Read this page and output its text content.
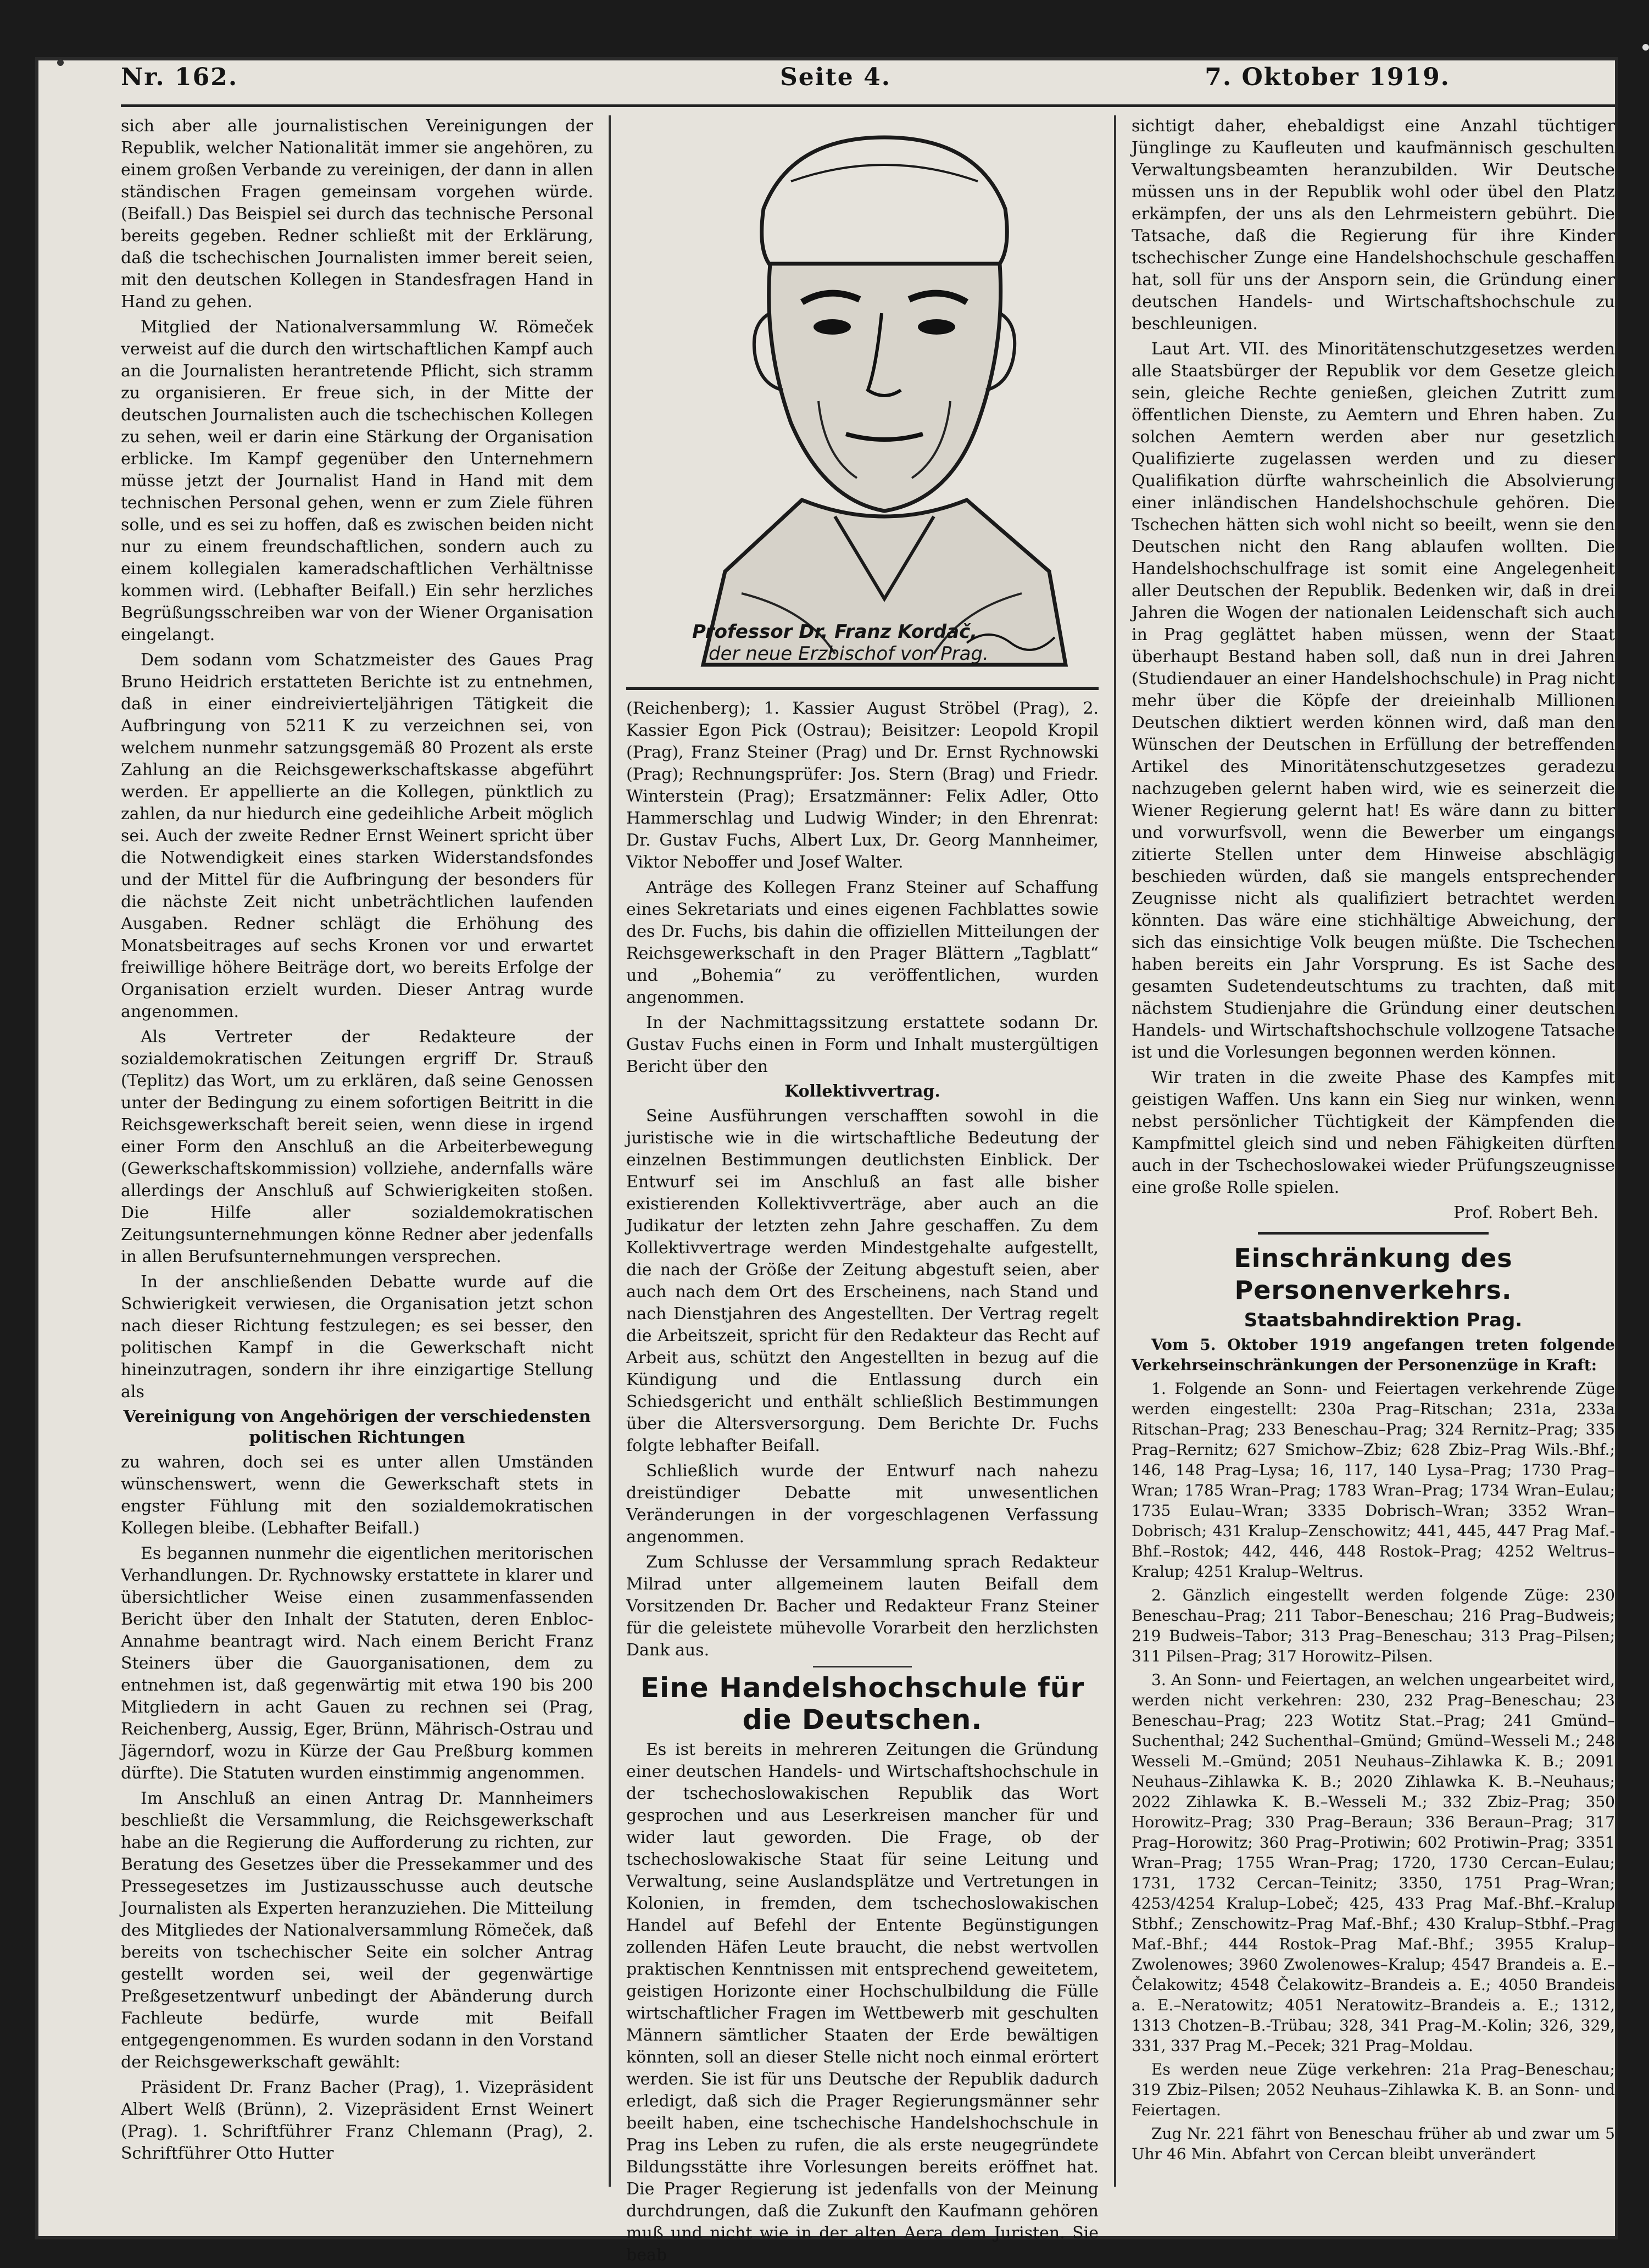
Nr. 162.	Seite 4.	7. Oktober 1919.

sich aber alle journalistischen Vereinigungen der Republik, welcher Nationalität immer sie angehören, zu einem großen Verbande zu vereinigen, der dann in allen ständischen Fragen gemeinsam vorgehen würde. (Beifall.) Das Beispiel sei durch das technische Personal bereits gegeben. Redner schließt mit der Erklärung, daß die tschechischen Journalisten immer bereit seien, mit den deutschen Kollegen in Standesfragen Hand in Hand zu gehen.

Mitglied der Nationalversammlung W. Römeček verweist auf die durch den wirtschaftlichen Kampf auch an die Journalisten herantretende Pflicht, sich stramm zu organisieren. Er freue sich, in der Mitte der deutschen Journalisten auch die tschechischen Kollegen zu sehen, weil er darin eine Stärkung der Organisation erblicke. Im Kampf gegenüber den Unternehmern müsse jetzt der Journalist Hand in Hand mit dem technischen Personal gehen, wenn er zum Ziele führen solle, und es sei zu hoffen, daß es zwischen beiden nicht nur zu einem freundschaftlichen, sondern auch zu einem kollegialen kameradschaftlichen Verhältnisse kommen wird. (Lebhafter Beifall.) Ein sehr herzliches Begrüßungsschreiben war von der Wiener Organisation eingelangt.

Dem sodann vom Schatzmeister des Gaues Prag Bruno Heidrich erstatteten Berichte ist zu entnehmen, daß in einer eindreivierteljährigen Tätigkeit die Aufbringung von 5211 K zu verzeichnen sei, von welchem nunmehr satzungsgemäß 80 Prozent als erste Zahlung an die Reichsgewerkschaftskasse abgeführt werden. Er appellierte an die Kollegen, pünktlich zu zahlen, da nur hiedurch eine gedeihliche Arbeit möglich sei. Auch der zweite Redner Ernst Weinert spricht über die Notwendigkeit eines starken Widerstandsfondes und der Mittel für die Aufbringung der besonders für die nächste Zeit nicht unbeträchtlichen laufenden Ausgaben. Redner schlägt die Erhöhung des Monatsbeitrages auf sechs Kronen vor und erwartet freiwillige höhere Beiträge dort, wo bereits Erfolge der Organisation erzielt wurden. Dieser Antrag wurde angenommen.

Als Vertreter der Redakteure der sozialdemokratischen Zeitungen ergriff Dr. Strauß (Teplitz) das Wort, um zu erklären, daß seine Genossen unter der Bedingung zu einem sofortigen Beitritt in die Reichsgewerkschaft bereit seien, wenn diese in irgend einer Form den Anschluß an die Arbeiterbewegung (Gewerkschaftskommission) vollziehe, andernfalls wäre allerdings der Anschluß auf Schwierigkeiten stoßen. Die Hilfe aller sozialdemokratischen Zeitungsunternehmungen könne Redner aber jedenfalls in allen Berufsunternehmungen versprechen.

In der anschließenden Debatte wurde auf die Schwierigkeit verwiesen, die Organisation jetzt schon nach dieser Richtung festzulegen; es sei besser, den politischen Kampf in die Gewerkschaft nicht hineinzutragen, sondern ihr ihre einzigartige Stellung als

Vereinigung von Angehörigen der verschiedensten politischen Richtungen

zu wahren, doch sei es unter allen Umständen wünschenswert, wenn die Gewerkschaft stets in engster Fühlung mit den sozialdemokratischen Kollegen bleibe. (Lebhafter Beifall.)

Es begannen nunmehr die eigentlichen meritorischen Verhandlungen. Dr. Rychnowsky erstattete in klarer und übersichtlicher Weise einen zusammenfassenden Bericht über den Inhalt der Statuten, deren Enbloc-Annahme beantragt wird. Nach einem Bericht Franz Steiners über die Gauorganisationen, dem zu entnehmen ist, daß gegenwärtig mit etwa 190 bis 200 Mitgliedern in acht Gauen zu rechnen sei (Prag, Reichenberg, Aussig, Eger, Brünn, Mährisch-Ostrau und Jägerndorf, wozu in Kürze der Gau Preßburg kommen dürfte). Die Statuten wurden einstimmig angenommen.

Im Anschluß an einen Antrag Dr. Mannheimers beschließt die Versammlung, die Reichsgewerkschaft habe an die Regierung die Aufforderung zu richten, zur Beratung des Gesetzes über die Pressekammer und des Pressegesetzes im Justizausschusse auch deutsche Journalisten als Experten heranzuziehen. Die Mitteilung des Mitgliedes der Nationalversammlung Römeček, daß bereits von tschechischer Seite ein solcher Antrag gestellt worden sei, weil der gegenwärtige Preßgesetzentwurf unbedingt der Abänderung durch Fachleute bedürfe, wurde mit Beifall entgegengenommen. Es wurden sodann in den Vorstand der Reichsgewerkschaft gewählt:

Präsident Dr. Franz Bacher (Prag), 1. Vizepräsident Albert Welß (Brünn), 2. Vizepräsident Ernst Weinert (Prag). 1. Schriftführer Franz Chlemann (Prag), 2. Schriftführer Otto Hutter

Professor Dr. Franz Kordač,
der neue Erzbischof von Prag.

(Reichenberg); 1. Kassier August Ströbel (Prag), 2. Kassier Egon Pick (Ostrau); Beisitzer: Leopold Kropil (Prag), Franz Steiner (Prag) und Dr. Ernst Rychnowski (Prag); Rechnungsprüfer: Jos. Stern (Brag) und Friedr. Winterstein (Prag); Ersatzmänner: Felix Adler, Otto Hammerschlag und Ludwig Winder; in den Ehrenrat: Dr. Gustav Fuchs, Albert Lux, Dr. Georg Mannheimer, Viktor Neboffer und Josef Walter.

Anträge des Kollegen Franz Steiner auf Schaffung eines Sekretariats und eines eigenen Fachblattes sowie des Dr. Fuchs, bis dahin die offiziellen Mitteilungen der Reichsgewerkschaft in den Prager Blättern „Tagblatt“ und „Bohemia“ zu veröffentlichen, wurden angenommen.

In der Nachmittagssitzung erstattete sodann Dr. Gustav Fuchs einen in Form und Inhalt mustergültigen Bericht über den

Kollektivvertrag.

Seine Ausführungen verschafften sowohl in die juristische wie in die wirtschaftliche Bedeutung der einzelnen Bestimmungen deutlichsten Einblick. Der Entwurf sei im Anschluß an fast alle bisher existierenden Kollektivverträge, aber auch an die Judikatur der letzten zehn Jahre geschaffen. Zu dem Kollektivvertrage werden Mindestgehalte aufgestellt, die nach der Größe der Zeitung abgestuft seien, aber auch nach dem Ort des Erscheinens, nach Stand und nach Dienstjahren des Angestellten. Der Vertrag regelt die Arbeitszeit, spricht für den Redakteur das Recht auf Arbeit aus, schützt den Angestellten in bezug auf die Kündigung und die Entlassung durch ein Schiedsgericht und enthält schließlich Bestimmungen über die Altersversorgung. Dem Berichte Dr. Fuchs folgte lebhafter Beifall.

Schließlich wurde der Entwurf nach nahezu dreistündiger Debatte mit unwesentlichen Veränderungen in der vorgeschlagenen Verfassung angenommen.

Zum Schlusse der Versammlung sprach Redakteur Milrad unter allgemeinem lauten Beifall dem Vorsitzenden Dr. Bacher und Redakteur Franz Steiner für die geleistete mühevolle Vorarbeit den herzlichsten Dank aus.

Eine Handelshochschule für die Deutschen.

Es ist bereits in mehreren Zeitungen die Gründung einer deutschen Handels- und Wirtschaftshochschule in der tschechoslowakischen Republik das Wort gesprochen und aus Leserkreisen mancher für und wider laut geworden. Die Frage, ob der tschechoslowakische Staat für seine Leitung und Verwaltung, seine Auslandsplätze und Vertretungen in Kolonien, in fremden, dem tschechoslowakischen Handel auf Befehl der Entente Begünstigungen zollenden Häfen Leute braucht, die nebst wertvollen praktischen Kenntnissen mit entsprechend geweitetem, geistigen Horizonte einer Hochschulbildung die Fülle wirtschaftlicher Fragen im Wettbewerb mit geschulten Männern sämtlicher Staaten der Erde bewältigen könnten, soll an dieser Stelle nicht noch einmal erörtert werden. Sie ist für uns Deutsche der Republik dadurch erledigt, daß sich die Prager Regierungsmänner sehr beeilt haben, eine tschechische Handelshochschule in Prag ins Leben zu rufen, die als erste neugegründete Bildungsstätte ihre Vorlesungen bereits eröffnet hat. Die Prager Regierung ist jedenfalls von der Meinung durchdrungen, daß die Zukunft den Kaufmann gehören muß und nicht wie in der alten Aera dem Juristen. Sie beab

sichtigt daher, ehebaldigst eine Anzahl tüchtiger Jünglinge zu Kaufleuten und kaufmännisch geschulten Verwaltungsbeamten heranzubilden. Wir Deutsche müssen uns in der Republik wohl oder übel den Platz erkämpfen, der uns als den Lehrmeistern gebührt. Die Tatsache, daß die Regierung für ihre Kinder tschechischer Zunge eine Handelshochschule geschaffen hat, soll für uns der Ansporn sein, die Gründung einer deutschen Handels- und Wirtschaftshochschule zu beschleunigen.

Laut Art. VII. des Minoritätenschutzgesetzes werden alle Staatsbürger der Republik vor dem Gesetze gleich sein, gleiche Rechte genießen, gleichen Zutritt zum öffentlichen Dienste, zu Aemtern und Ehren haben. Zu solchen Aemtern werden aber nur gesetzlich Qualifizierte zugelassen werden und zu dieser Qualifikation dürfte wahrscheinlich die Absolvierung einer inländischen Handelshochschule gehören. Die Tschechen hätten sich wohl nicht so beeilt, wenn sie den Deutschen nicht den Rang ablaufen wollten. Die Handelshochschulfrage ist somit eine Angelegenheit aller Deutschen der Republik. Bedenken wir, daß in drei Jahren die Wogen der nationalen Leidenschaft sich auch in Prag geglättet haben müssen, wenn der Staat überhaupt Bestand haben soll, daß nun in drei Jahren (Studiendauer an einer Handelshochschule) in Prag nicht mehr über die Köpfe der dreieinhalb Millionen Deutschen diktiert werden können wird, daß man den Wünschen der Deutschen in Erfüllung der betreffenden Artikel des Minoritätenschutzgesetzes geradezu nachzugeben gelernt haben wird, wie es seinerzeit die Wiener Regierung gelernt hat! Es wäre dann zu bitter und vorwurfsvoll, wenn die Bewerber um eingangs zitierte Stellen unter dem Hinweise abschlägig beschieden würden, daß sie mangels entsprechender Zeugnisse nicht als qualifiziert betrachtet werden könnten. Das wäre eine stichhältige Abweichung, der sich das einsichtige Volk beugen müßte. Die Tschechen haben bereits ein Jahr Vorsprung. Es ist Sache des gesamten Sudetendeutschtums zu trachten, daß mit nächstem Studienjahre die Gründung einer deutschen Handels- und Wirtschaftshochschule vollzogene Tatsache ist und die Vorlesungen begonnen werden können.

Wir traten in die zweite Phase des Kampfes mit geistigen Waffen. Uns kann ein Sieg nur winken, wenn nebst persönlicher Tüchtigkeit der Kämpfenden die Kampfmittel gleich sind und neben Fähigkeiten dürften auch in der Tschechoslowakei wieder Prüfungszeugnisse eine große Rolle spielen.

Prof. Robert Beh.

Einschränkung des Personenverkehrs.

Staatsbahndirektion Prag.

Vom 5. Oktober 1919 angefangen treten folgende Verkehrseinschränkungen der Personenzüge in Kraft:

1. Folgende an Sonn- und Feiertagen verkehrende Züge werden eingestellt: 230a Prag–Ritschan; 231a, 233a Ritschan–Prag; 233 Beneschau–Prag; 324 Rernitz–Prag; 335 Prag–Rernitz; 627 Smichow–Zbiz; 628 Zbiz–Prag Wils.-Bhf.; 146, 148 Prag–Lysa; 16, 117, 140 Lysa–Prag; 1730 Prag–Wran; 1785 Wran–Prag; 1783 Wran–Prag; 1734 Wran–Eulau; 1735 Eulau–Wran; 3335 Dobrisch–Wran; 3352 Wran–Dobrisch; 431 Kralup–Zenschowitz; 441, 445, 447 Prag Maf.-Bhf.–Rostok; 442, 446, 448 Rostok–Prag; 4252 Weltrus–Kralup; 4251 Kralup–Weltrus.

2. Gänzlich eingestellt werden folgende Züge: 230 Beneschau–Prag; 211 Tabor–Beneschau; 216 Prag–Budweis; 219 Budweis–Tabor; 313 Prag–Beneschau; 313 Prag–Pilsen; 311 Pilsen–Prag; 317 Horowitz–Pilsen.

3. An Sonn- und Feiertagen, an welchen ungearbeitet wird, werden nicht verkehren: 230, 232 Prag–Beneschau; 23 Beneschau–Prag; 223 Wotitz Stat.–Prag; 241 Gmünd–Suchenthal; 242 Suchenthal–Gmünd; Gmünd–Wesseli M.; 248 Wesseli M.–Gmünd; 2051 Neuhaus–Zihlawka K. B.; 2091 Neuhaus–Zihlawka K. B.; 2020 Zihlawka K. B.–Neuhaus; 2022 Zihlawka K. B.–Wesseli M.; 332 Zbiz–Prag; 350 Horowitz–Prag; 330 Prag–Beraun; 336 Beraun–Prag; 317 Prag–Horowitz; 360 Prag–Protiwin; 602 Protiwin–Prag; 3351 Wran–Prag; 1755 Wran–Prag; 1720, 1730 Cercan–Eulau; 1731, 1732 Cercan–Teinitz; 3350, 1751 Prag–Wran; 4253/4254 Kralup–Lobeč; 425, 433 Prag Maf.-Bhf.–Kralup Stbhf.; Zenschowitz–Prag Maf.-Bhf.; 430 Kralup–Stbhf.–Prag Maf.-Bhf.; 444 Rostok–Prag Maf.-Bhf.; 3955 Kralup–Zwolenowes; 3960 Zwolenowes–Kralup; 4547 Brandeis a. E.–Čelakowitz; 4548 Čelakowitz–Brandeis a. E.; 4050 Brandeis a. E.–Neratowitz; 4051 Neratowitz–Brandeis a. E.; 1312, 1313 Chotzen–B.-Trübau; 328, 341 Prag–M.-Kolin; 326, 329, 331, 337 Prag M.–Pecek; 321 Prag–Moldau.

Es werden neue Züge verkehren: 21a Prag–Beneschau; 319 Zbiz–Pilsen; 2052 Neuhaus–Zihlawka K. B. an Sonn- und Feiertagen.

Zug Nr. 221 fährt von Beneschau früher ab und zwar um 5 Uhr 46 Min. Abfahrt von Cercan bleibt unverändert
